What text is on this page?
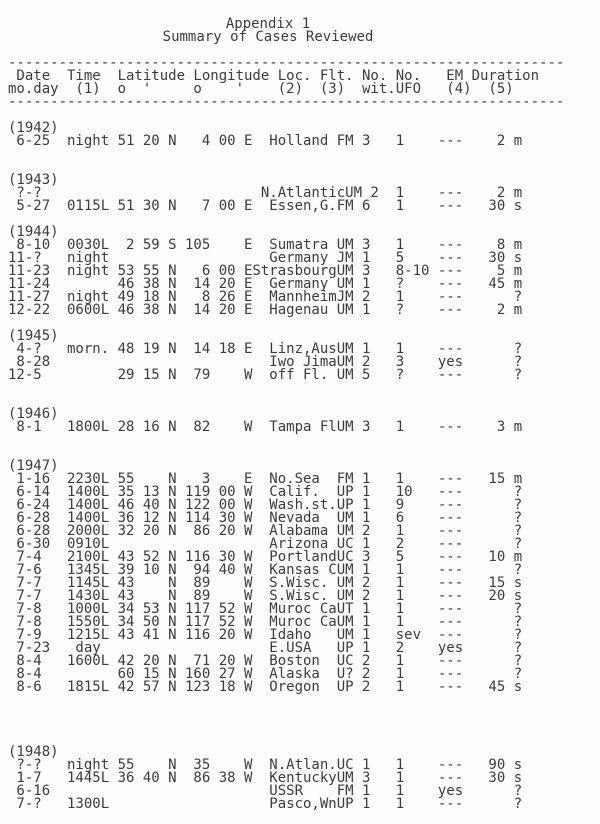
Appendix 1
Summary of Cases Reviewed
------------------------------------------------------------------
Date  Time  Latitude Longitude Loc. Flt. No. No.   EM Duration
mo.day  (1)  o  '     o    '    (2)  (3)  wit.UFO   (4)  (5)
------------------------------------------------------------------
(1942)
6-25  night 51 20 N   4 00 E  Holland FM 3   1    ---    2 m
(1943)
?-?                          N.AtlanticUM 2  1    ---    2 m
5-27  0115L 51 30 N   7 00 E  Essen,G.FM 6   1    ---   30 s
(1944)
8-10  0030L  2 59 S 105    E  Sumatra UM 3   1    ---    8 m
11-?   night                   Germany JM 1   5    ---   30 s
11-23  night 53 55 N   6 00 EStrasbourgUM 3   8-10 ---    5 m
11-24        46 38 N  14 20 E  Germany UM 1   ?    ---   45 m
11-27  night 49 18 N   8 26 E  MannheimJM 2   1    ---      ?
12-22  0600L 46 38 N  14 20 E  Hagenau UM 1   ?    ---    2 m
(1945)
4-?   morn. 48 19 N  14 18 E  Linz,AusUM 1   1    ---      ?
8-28                          Iwo JimaUM 2   3    yes      ?
12-5         29 15 N  79    W  off Fl. UM 5   ?    ---      ?
(1946)
8-1   1800L 28 16 N  82    W  Tampa FlUM 3   1    ---    3 m
(1947)
1-16  2230L 55    N   3    E  No.Sea  FM 1   1    ---   15 m
6-14  1400L 35 13 N 119 00 W  Calif.  UP 1   10   ---      ?
6-24  1400L 46 40 N 122 00 W  Wash.st.UP 1   9    ---      ?
6-28  1400L 36 12 N 114 30 W  Nevada  UM 1   6    ---      ?
6-28  2000L 32 20 N  86 20 W  Alabama UM 2   1    ---      ?
6-30  0910L                   Arizona UC 1   2    ---      ?
7-4   2100L 43 52 N 116 30 W  PortlandUC 3   5    ---   10 m
7-6   1345L 39 10 N  94 40 W  Kansas CUM 1   1    ---      ?
7-7   1145L 43    N  89    W  S.Wisc. UM 2   1    ---   15 s
7-7   1430L 43    N  89    W  S.Wisc. UM 2   1    ---   20 s
7-8   1000L 34 53 N 117 52 W  Muroc CaUT 1   1    ---      ?
7-8   1550L 34 50 N 117 52 W  Muroc CaUM 1   1    ---      ?
7-9   1215L 43 41 N 116 20 W  Idaho   UM 1   sev  ---      ?
7-23   day                    E.USA   UP 1   2    yes      ?
8-4   1600L 42 20 N  71 20 W  Boston  UC 2   1    ---      ?
8-4         60 15 N 160 27 W  Alaska  U? 2   1    ---      ?
8-6   1815L 42 57 N 123 18 W  Oregon  UP 2   1    ---   45 s
(1948)
?-?   night 55    N  35    W  N.Atlan.UC 1   1    ---   90 s
1-7   1445L 36 40 N  86 38 W  KentuckyUM 3   1    ---   30 s
6-16                          USSR    FM 1   1    yes      ?
7-?   1300L                   Pasco,WnUP 1   1    ---      ?
